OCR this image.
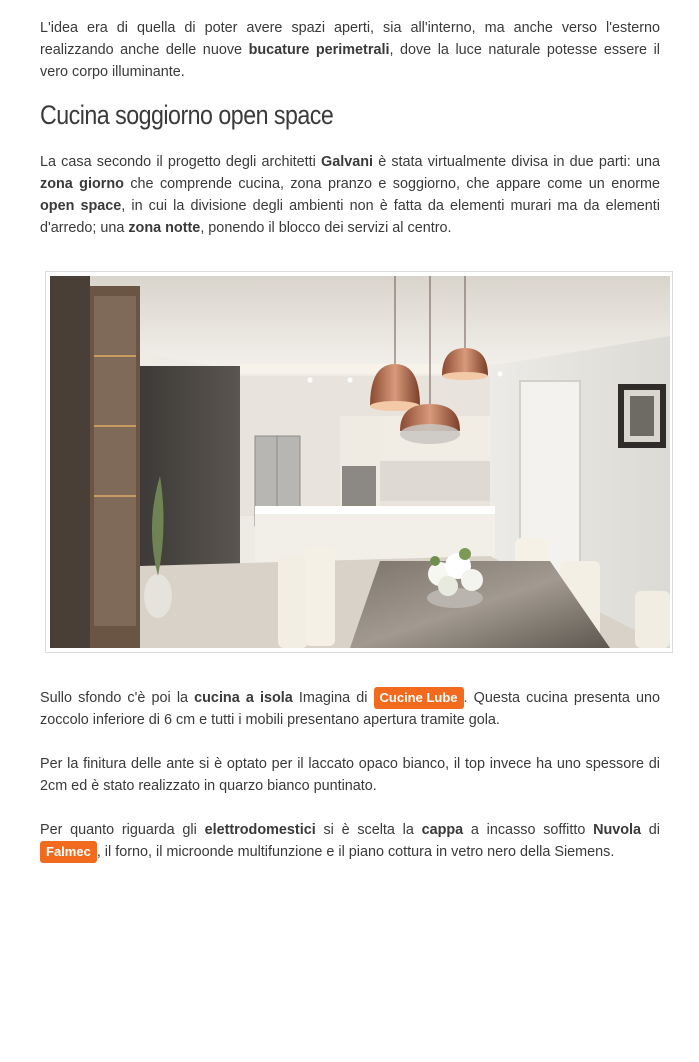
L'idea era di quella di poter avere spazi aperti, sia all'interno, ma anche verso l'esterno realizzando anche delle nuove bucature perimetrali, dove la luce naturale potesse essere il vero corpo illuminante.

Cucina soggiorno open space

La casa secondo il progetto degli architetti Galvani è stata virtualmente divisa in due parti: una zona giorno che comprende cucina, zona pranzo e soggiorno, che appare come un enorme open space, in cui la divisione degli ambienti non è fatta da elementi murari ma da elementi d'arredo; una zona notte, ponendo il blocco dei servizi al centro.

Sullo sfondo c'è poi la cucina a isola Imagina di Cucine Lube . Questa cucina presenta uno zoccolo inferiore di 6 cm e tutti i mobili presentano apertura tramite gola.

Per la finitura delle ante si è optato per il laccato opaco bianco, il top invece ha uno spessore di 2cm ed è stato realizzato in quarzo bianco puntinato.

Per quanto riguarda gli elettrodomestici si è scelta la cappa a incasso soffitto Nuvola di Falmec , il forno, il microonde multifunzione e il piano cottura in vetro nero della Siemens.
